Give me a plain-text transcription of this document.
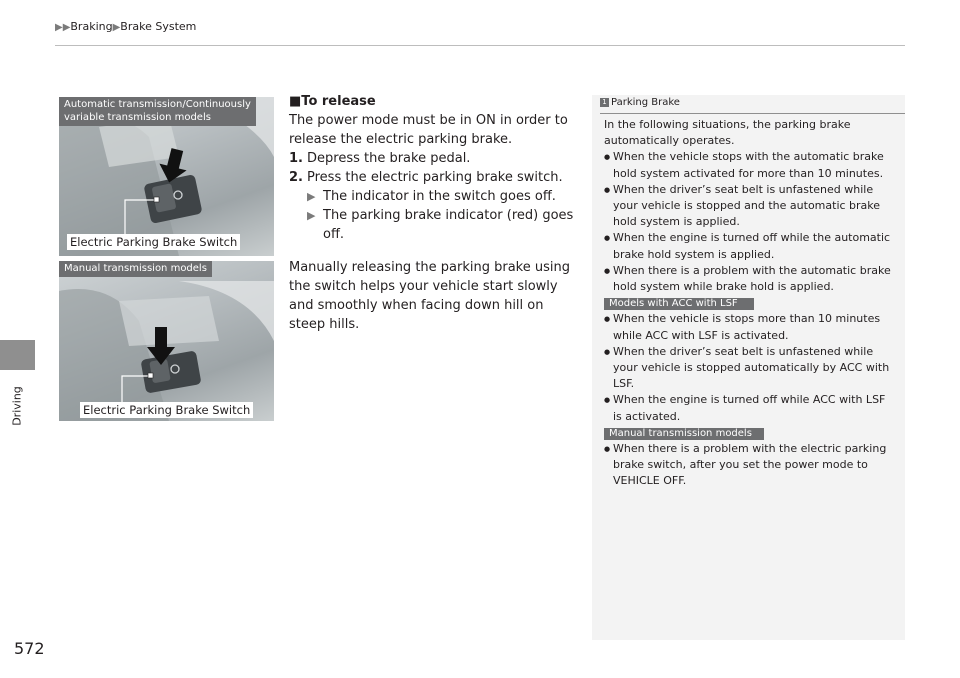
▶▶Braking▶Brake System
Driving
572
Automatic transmission/Continuously
variable transmission models
Electric Parking Brake Switch
Manual transmission models
Electric Parking Brake Switch
■To release

The power mode must be in ON in order to release the electric parking brake.

1. Depress the brake pedal.
2. Press the electric parking brake switch.
▶ The indicator in the switch goes off.
▶ The parking brake indicator (red) goes off.

Manually releasing the parking brake using the switch helps your vehicle start slowly and smoothly when facing down hill on steep hills.

1 Parking Brake

In the following situations, the parking brake automatically operates.

● When the vehicle stops with the automatic brake hold system activated for more than 10 minutes.

● When the driver’s seat belt is unfastened while your vehicle is stopped and the automatic brake hold system is applied.

● When the engine is turned off while the automatic brake hold system is applied.

● When there is a problem with the automatic brake hold system while brake hold is applied.

Models with ACC with LSF

● When the vehicle is stops more than 10 minutes while ACC with LSF is activated.

● When the driver’s seat belt is unfastened while your vehicle is stopped automatically by ACC with LSF.

● When the engine is turned off while ACC with LSF is activated.

Manual transmission models

● When there is a problem with the electric parking brake switch, after you set the power mode to VEHICLE OFF.
